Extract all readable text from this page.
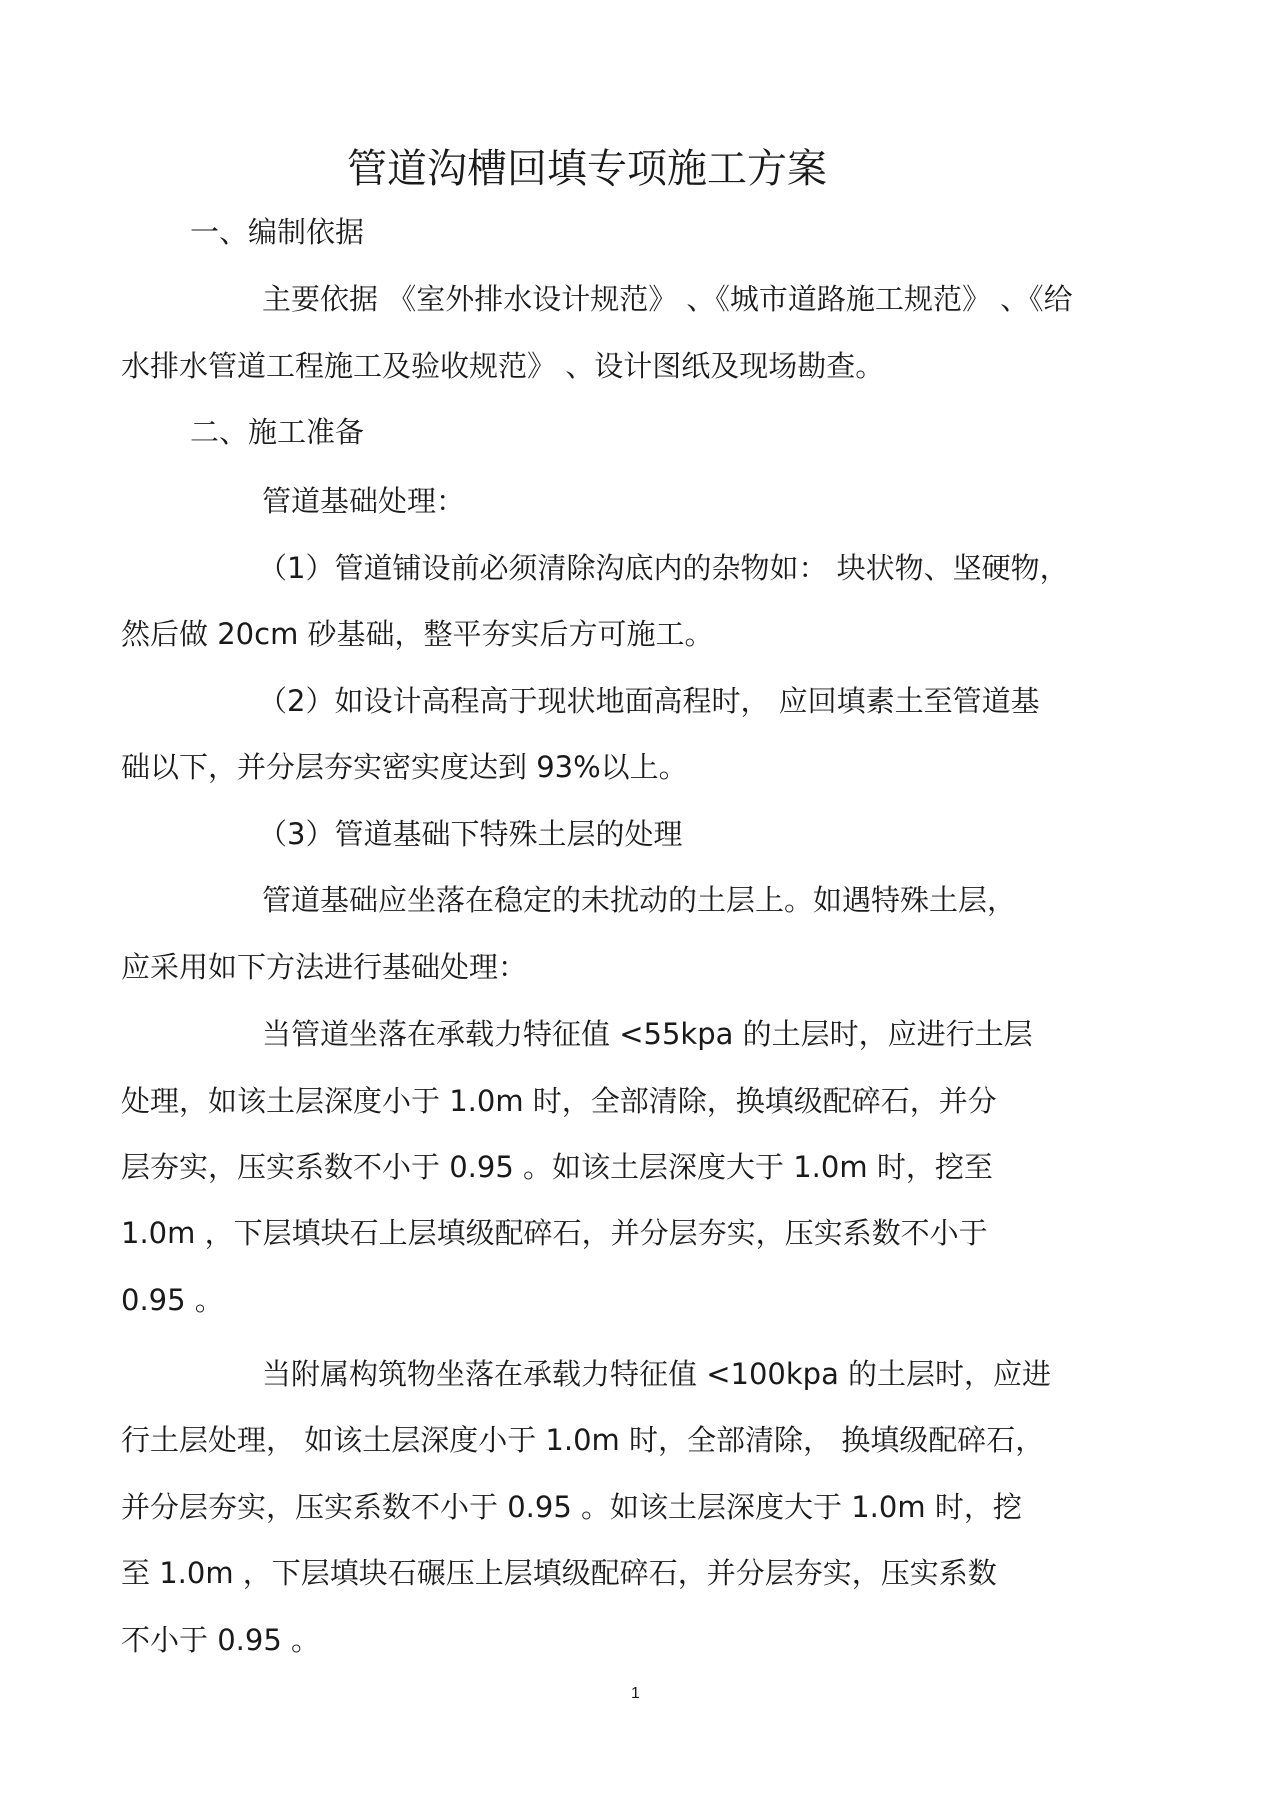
管道沟槽回填专项施工方案
一、编制依据
主要依据 《室外排水设计规范》 、《城市道路施工规范》 、《给
水排水管道工程施工及验收规范》 、设计图纸及现场勘查。
二、施工准备
管道基础处理：
（1）管道铺设前必须清除沟底内的杂物如： 块状物、坚硬物，
然后做 20cm 砂基础，整平夯实后方可施工。
（2）如设计高程高于现状地面高程时， 应回填素土至管道基
础以下，并分层夯实密实度达到 93%以上。
（3）管道基础下特殊土层的处理
管道基础应坐落在稳定的未扰动的土层上。如遇特殊土层，
应采用如下方法进行基础处理：
当管道坐落在承载力特征值 <55kpa 的土层时，应进行土层
处理，如该土层深度小于 1.0m 时，全部清除，换填级配碎石，并分
层夯实，压实系数不小于 0.95 。如该土层深度大于 1.0m 时，挖至
1.0m ，下层填块石上层填级配碎石，并分层夯实，压实系数不小于
0.95 。
当附属构筑物坐落在承载力特征值 <100kpa 的土层时，应进
行土层处理， 如该土层深度小于 1.0m 时，全部清除， 换填级配碎石，
并分层夯实，压实系数不小于 0.95 。如该土层深度大于 1.0m 时，挖
至 1.0m ，下层填块石碾压上层填级配碎石，并分层夯实，压实系数
不小于 0.95 。
1
